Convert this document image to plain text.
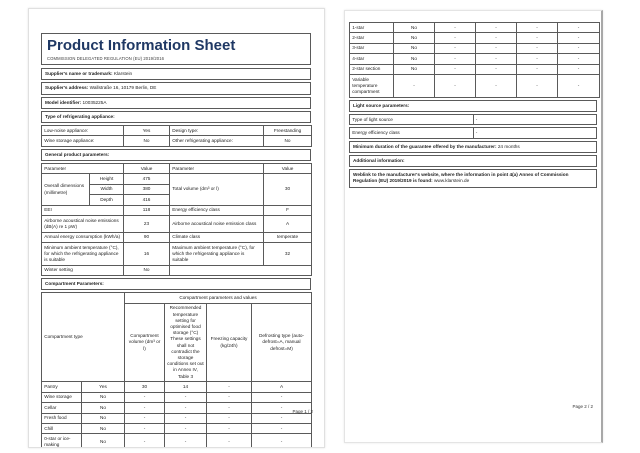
Product Information Sheet
COMMISSION DELEGATED REGULATION (EU) 2019/2016
Supplier's name or trademark: Klarstein
Supplier's address: Wallstraße 16, 10179 Berlin, DE
Model identifier: 10035225A
Type of refrigerating appliance:
Low-noise appliance:	Yes	Design type:	Freestanding
Wine storage appliance:	No	Other refrigerating appliance:	No
General product parameters:
Parameter		Value	Parameter	Value
Overall dimensions (millimetre)	Height	475	Total volume (dm³ or l)	30
	Width	380		
	Depth	416		
EEI		118	Energy efficiency class	F
Airborne acoustical noise emissions (dB(A) re 1 pW)		23	Airborne acoustical noise emission class	A
Annual energy consumption (kWh/a)		90	Climate class	temperate
Minimum ambient temperature (°C), for which the refrigerating appliance is suitable		16	Maximum ambient temperature (°C), for which the refrigerating appliance is suitable	32
Winter setting		No		
Compartment Parameters:
Compartment type		Compartment parameters and values			
		Compartment volume (dm³ or l)	Recommended temperature setting for optimised food storage (°C) These settings shall not contradict the storage conditions set out in Annex IV, Table 3	Freezing capacity (kg/24h)	Defrosting type (auto-defrost=A, manual defrost=M)
Pantry	Yes	30	14	-	A
Wine storage	No	-	-	-	-
Cellar	No	-	-	-	-
Fresh food	No	-	-	-	-
Chill	No	-	-	-	-
0-star or ice-making	No	-	-	-	-
Page 1 / 2
1-star	No	-	-	-	-
2-star	No	-	-	-	-
3-star	No	-	-	-	-
4-star	No	-	-	-	-
2-star section	No	-	-	-	-
Variable temperature compartment	-	-	-	-	-
Light source parameters:
Type of light source	-
Energy efficiency class	-
Minimum duration of the guarantee offered by the manufacturer: 24 months
Additional information:
Weblink to the manufacturer's website, where the information in point 4(a) Annex of Commission Regulation (EU) 2019/2019 is found: www.klarstein.de
Page 2 / 2
